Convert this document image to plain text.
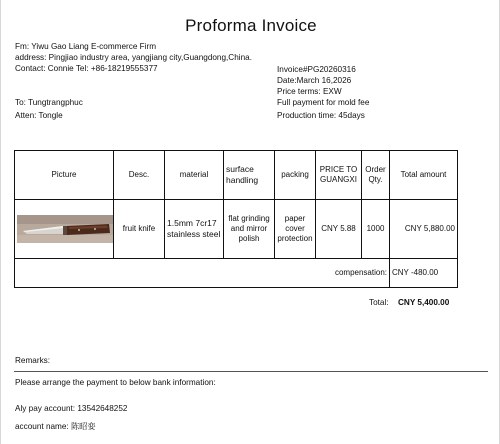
Proforma Invoice
Fm: Yiwu Gao Liang E-commerce Firm
address: Pingjiao industry area, yangjiang city,Guangdong,China.
Contact: Connie Tel: +86-18219555377	Invoice#PG20260316
Date:March 16,2026
Price terms: EXW
Full payment for mold fee
Production time: 45days
To: Tungtrangphuc
Atten: Tongle
Picture	Desc.	material	surface handling	packing	PRICE TO GUANGXI	Order Qty.	Total amount

	fruit knife	1.5mm 7cr17 stainless steel	flat grinding and mirror polish	paper cover protection	CNY 5.88	1000	CNY 5,880.00
compensation:							CNY -480.00
Total: CNY 5,400.00
Remarks:
Please arrange the payment to below bank information:
Aly pay account: 13542648252
account name: 陈昭娈
